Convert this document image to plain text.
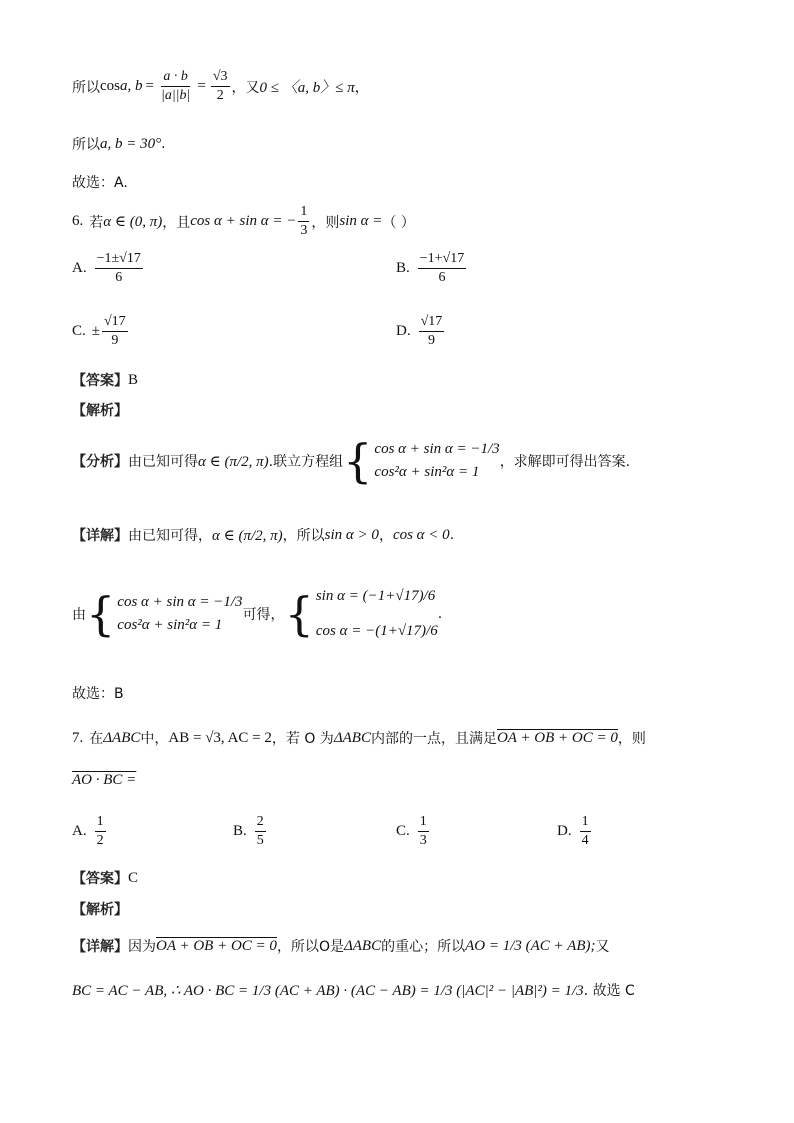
所以 cos a, $b = \frac{a \cdot b}{|a||b|} = \frac{√3}{2}$ ，又 0 ≤ 〈a, b〉≤ π ，
所以 a, b = 30° .
故选：A.
6. 若 α ∈ (0, π) ，且 cos α + sin α = − $\frac{1}{3}$ ，则 sin α = （ ）
A. $\frac{-1\pm√17}{6}$	B. $\frac{-1+√17}{6}$
C. ± $\frac{√17}{9}$	D. $\frac{√17}{9}$
【答案】 B
【解析】
【分析】 由已知可得 α ∈ (π/2, π) .联立方程组 { cos α + sin α = −1/3
cos²α + sin²α = 1
，求解即可得出答案.
【详解】 由已知可得， α ∈ (π/2, π) ，所以 sin α > 0 ， cos α < 0 .
由 { cos α + sin α = −1/3
cos²α + sin²α = 1
可得， { sin α = (−1+√17)/6
cos α = −(1+√17)/6
.
故选：B
7. 在 ΔABC 中， AB = √3, AC = 2 ，若 O 为 ΔABC 内部的一点，且满足 OA + OB + OC = 0 ，则
AO · BC =
A. $\frac{1}{2}$	B. $\frac{2}{5}$	C. $\frac{1}{3}$	D. $\frac{1}{4}$
【答案】 C
【解析】
【详解】 因为 OA + OB + OC = 0 ，所以 O是 ΔABC 的重心；所以 AO = 1/3 (AC + AB); 又
BC = AC − AB, ∴ AO · BC = 1/3 (AC + AB) · (AC − AB) = 1/3 (|AC|² − |AB|²) = 1/3 . 故选 C
